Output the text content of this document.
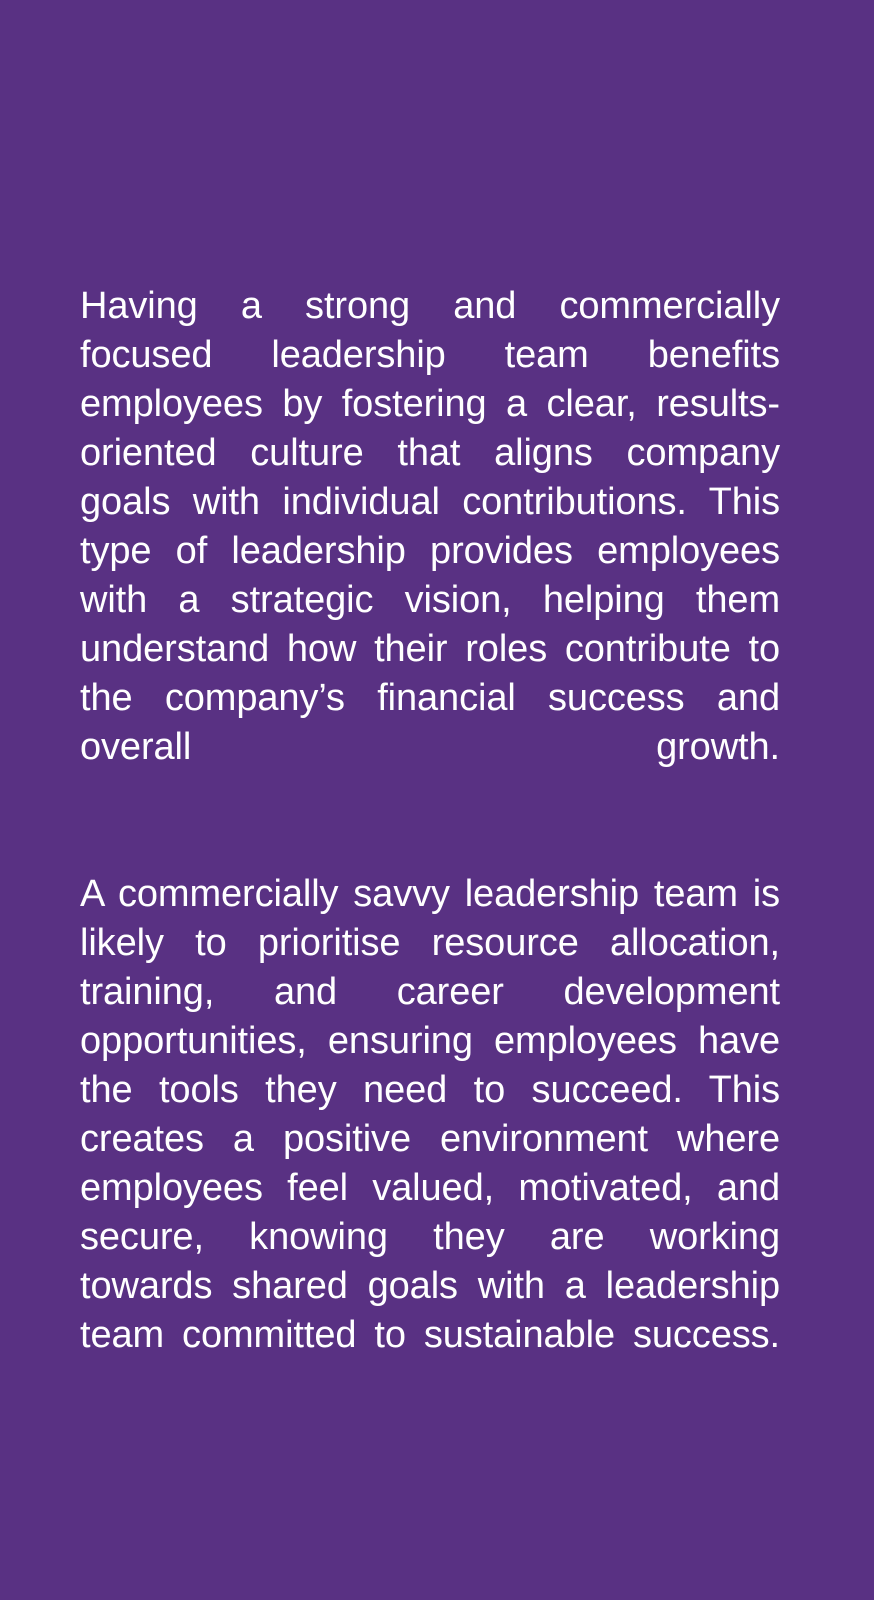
Having a strong and commercially focused leadership team benefits employees by fostering a clear, results-oriented culture that aligns company goals with individual contributions. This type of leadership provides employees with a strategic vision, helping them understand how their roles contribute to the company’s financial success and overall growth.

A commercially savvy leadership team is likely to prioritise resource allocation, training, and career development opportunities, ensuring employees have the tools they need to succeed. This creates a positive environment where employees feel valued, motivated, and secure, knowing they are working towards shared goals with a leadership team committed to sustainable success.
